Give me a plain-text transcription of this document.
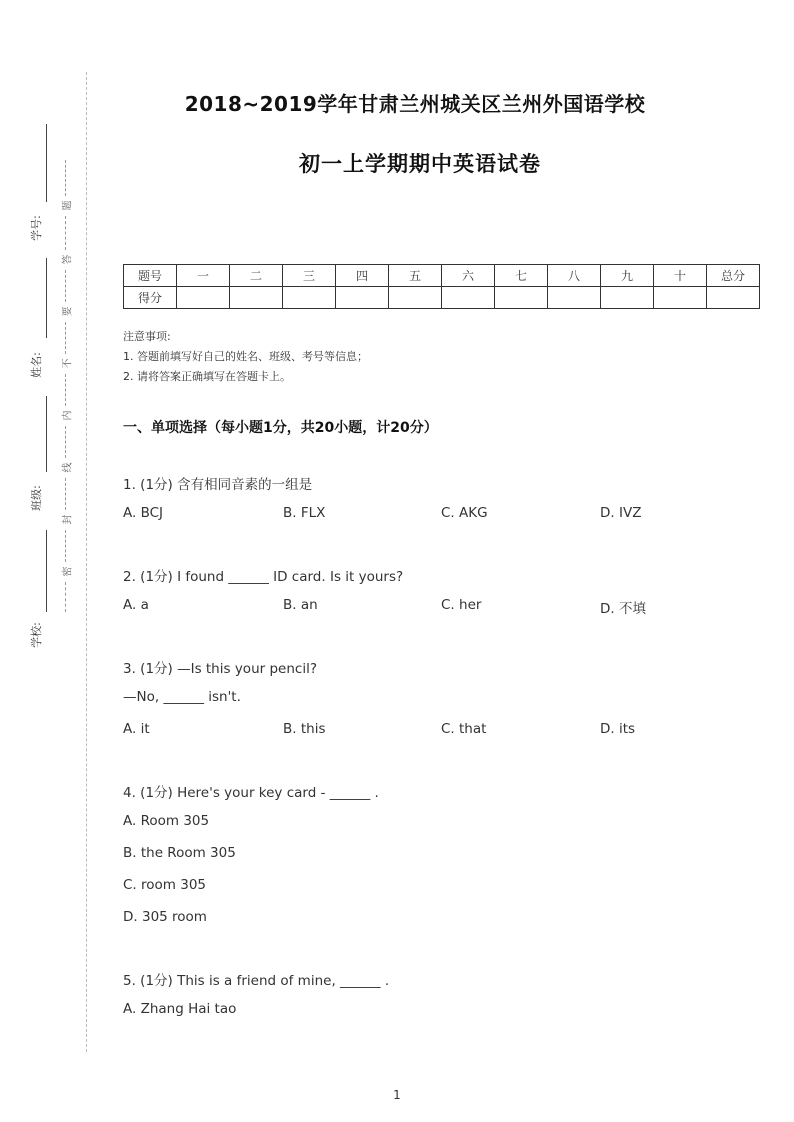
学号:
姓名:
班级:
学校:
题
答
要
不
内
线
封
密
2018~2019学年甘肃兰州城关区兰州外国语学校
初一上学期期中英语试卷
题号	一	二	三	四	五	六	七	八	九	十	总分
得分											
注意事项:
1. 答题前填写好自己的姓名、班级、考号等信息；
2. 请将答案正确填写在答题卡上。
一、单项选择（每小题1分，共20小题，计20分）
1. (1分) 含有相同音素的一组是
A. BCJ	B. FLX	C. AKG	D. IVZ
2. (1分) I found ______ ID card. Is it yours?
A. a	B. an	C. her	D. 不填
3. (1分) —Is this your pencil?
—No, ______ isn't.
A. it	B. this	C. that	D. its
4. (1分) Here's your key card - ______ .
A. Room 305
B. the Room 305
C. room 305
D. 305 room
5. (1分) This is a friend of mine, ______ .
A. Zhang Hai tao
1
